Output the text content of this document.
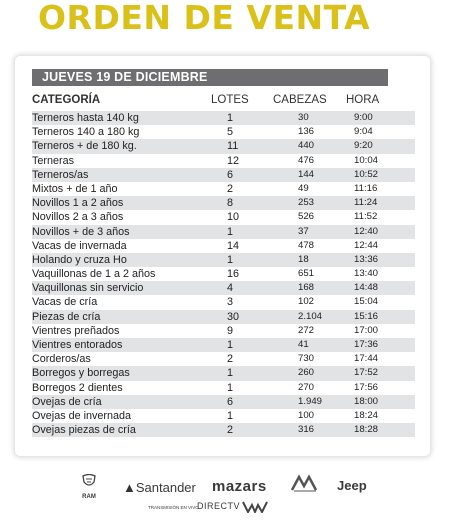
ORDEN DE VENTA
JUEVES 19 DE DICIEMBRE
CATEGORÍA	LOTES CABEZAS HORA
Terneros hasta 140 kg	1	30	9:00
Terneros 140 a 180 kg	5	136	9:04
Terneros + de 180 kg.	11	440	9:20
Terneras	12	476	10:04
Terneros/as	6	144	10:52
Mixtos + de 1 año	2	49	11:16
Novillos 1 a 2 años	8	253	11:24
Novillos 2 a 3 años	10	526	11:52
Novillos + de 3 años	1	37	12:40
Vacas de invernada	14	478	12:44
Holando y cruza Ho	1	18	13:36
Vaquillonas de 1 a 2 años	16	651	13:40
Vaquillonas sin servicio	4	168	14:48
Vacas de cría	3	102	15:04
Piezas de cría	30	2.104	15:16
Vientres preñados	9	272	17:00
Vientres entorados	1	41	17:36
Corderos/as	2	730	17:44
Borregos y borregas	1	260	17:52
Borregos 2 dientes	1	270	17:56
Ovejas de cría	6	1.949	18:00
Ovejas de invernada	1	100	18:24
Ovejas piezas de cría	2	316	18:28
RAM
▲Santander mazars	Jeep
TRANSMISIÓN EN VIVO
DIRECTV
